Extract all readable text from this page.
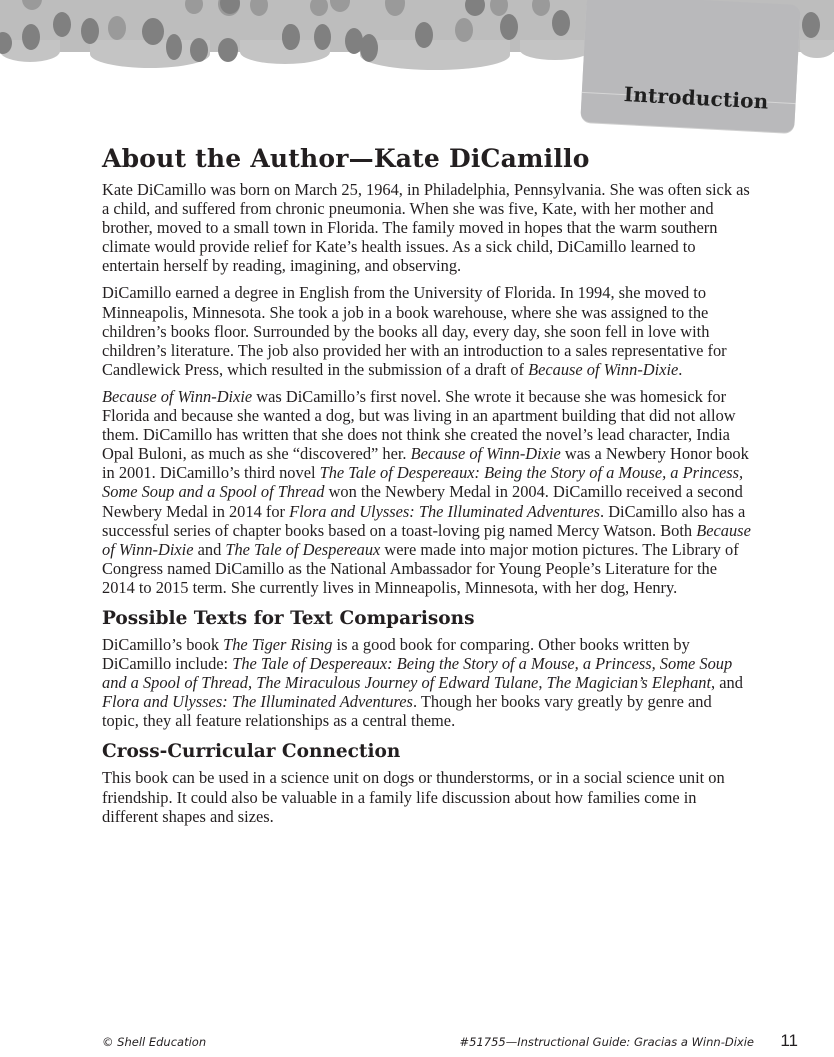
Introduction
About the Author—Kate DiCamillo

Kate DiCamillo was born on March 25, 1964, in Philadelphia, Pennsylvania. She was often sick as a child, and suffered from chronic pneumonia. When she was five, Kate, with her mother and brother, moved to a small town in Florida. The family moved in hopes that the warm southern climate would provide relief for Kate’s health issues. As a sick child, DiCamillo learned to entertain herself by reading, imagining, and observing.

DiCamillo earned a degree in English from the University of Florida. In 1994, she moved to Minneapolis, Minnesota. She took a job in a book warehouse, where she was assigned to the children’s books floor. Surrounded by the books all day, every day, she soon fell in love with children’s literature. The job also provided her with an introduction to a sales representative for Candlewick Press, which resulted in the submission of a draft of Because of Winn-Dixie.

Because of Winn-Dixie was DiCamillo’s first novel. She wrote it because she was homesick for Florida and because she wanted a dog, but was living in an apartment building that did not allow them. DiCamillo has written that she does not think she created the novel’s lead character, India Opal Buloni, as much as she “discovered” her. Because of Winn-Dixie was a Newbery Honor book in 2001. DiCamillo’s third novel The Tale of Despereaux: Being the Story of a Mouse, a Princess, Some Soup and a Spool of Thread won the Newbery Medal in 2004. DiCamillo received a second Newbery Medal in 2014 for Flora and Ulysses: The Illuminated Adventures. DiCamillo also has a successful series of chapter books based on a toast-loving pig named Mercy Watson. Both Because of Winn-Dixie and The Tale of Despereaux were made into major motion pictures. The Library of Congress named DiCamillo as the National Ambassador for Young People’s Literature for the 2014 to 2015 term. She currently lives in Minneapolis, Minnesota, with her dog, Henry.

Possible Texts for Text Comparisons

DiCamillo’s book The Tiger Rising is a good book for comparing. Other books written by DiCamillo include: The Tale of Despereaux: Being the Story of a Mouse, a Princess, Some Soup and a Spool of Thread, The Miraculous Journey of Edward Tulane, The Magician’s Elephant, and Flora and Ulysses: The Illuminated Adventures. Though her books vary greatly by genre and topic, they all feature relationships as a central theme.

Cross-Curricular Connection

This book can be used in a science unit on dogs or thunderstorms, or in a social science unit on friendship. It could also be valuable in a family life discussion about how families come in different shapes and sizes.

© Shell Education	#51755—Instructional Guide: Gracias a Winn-Dixie 11
